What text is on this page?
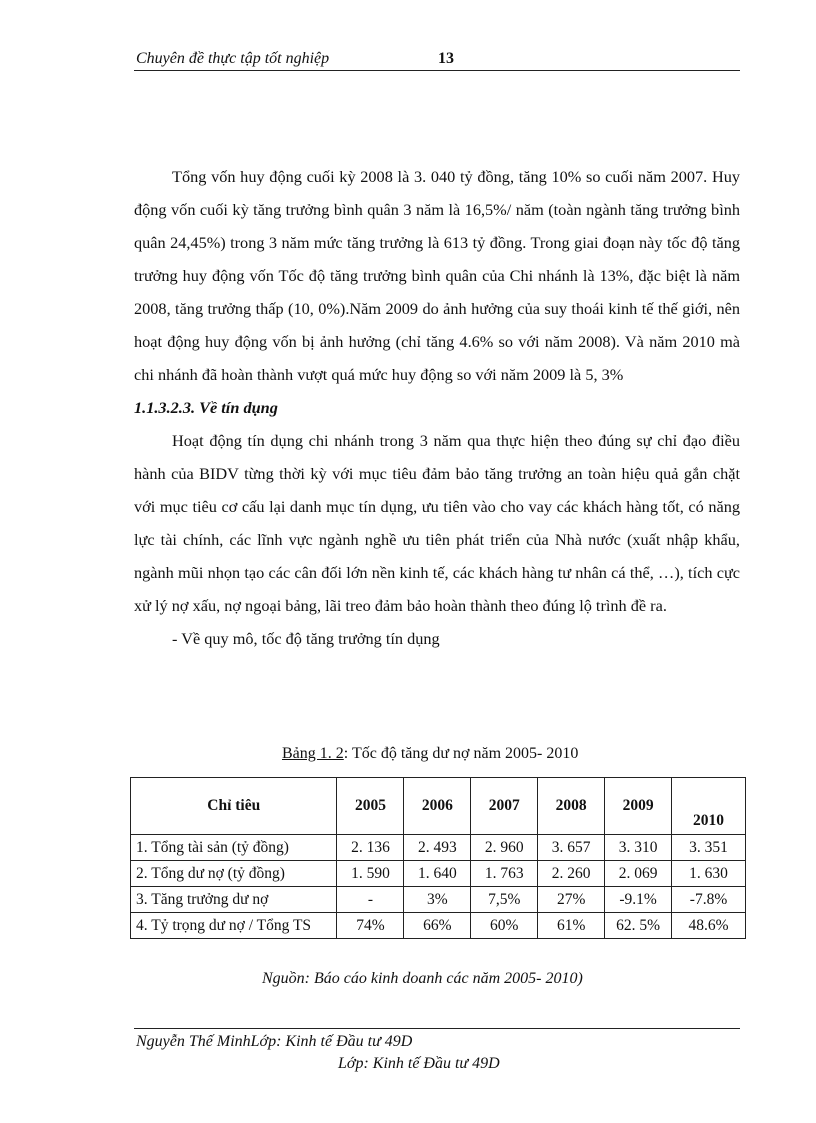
Chuyên đề thực tập tốt nghiệp	13

Tổng vốn huy động cuối kỳ 2008 là 3. 040 tỷ đồng, tăng 10% so cuối năm 2007. Huy động vốn cuối kỳ tăng trưởng bình quân 3 năm là 16,5%/ năm (toàn ngành tăng trưởng bình quân 24,45%) trong 3 năm mức tăng trưởng là 613 tỷ đồng. Trong giai đoạn này tốc độ tăng trưởng huy động vốn Tốc độ tăng trưởng bình quân của Chi nhánh là 13%, đặc biệt là năm 2008, tăng trưởng thấp (10, 0%).Năm 2009 do ảnh hưởng của suy thoái kinh tế thế giới, nên hoạt động huy động vốn bị ảnh hưởng (chỉ tăng 4.6% so với năm 2008). Và năm 2010 mà chi nhánh đã hoàn thành vượt quá mức huy động so với năm 2009 là 5, 3%

1.1.3.2.3. Về tín dụng

Hoạt động tín dụng chi nhánh trong 3 năm qua thực hiện theo đúng sự chỉ đạo điều hành của BIDV từng thời kỳ với mục tiêu đảm bảo tăng trưởng an toàn hiệu quả gắn chặt với mục tiêu cơ cấu lại danh mục tín dụng, ưu tiên vào cho vay các khách hàng tốt, có năng lực tài chính, các lĩnh vực ngành nghề ưu tiên phát triển của Nhà nước (xuất nhập khẩu, ngành mũi nhọn tạo các cân đối lớn nền kinh tế, các khách hàng tư nhân cá thể, …), tích cực xử lý nợ xấu, nợ ngoại bảng, lãi treo đảm bảo hoàn thành theo đúng lộ trình đề ra.

- Về quy mô, tốc độ tăng trưởng tín dụng

Bảng 1. 2: Tốc độ tăng dư nợ năm 2005- 2010
Chỉ tiêu	2005	2006	2007	2008	2009	2010
1. Tổng tài sản (tỷ đồng)	2. 136	2. 493	2. 960	3. 657	3. 310	3. 351
2. Tổng dư nợ (tỷ đồng)	1. 590	1. 640	1. 763	2. 260	2. 069	1. 630
3. Tăng trưởng dư nợ	-	3%	7,5%	27%	-9.1%	-7.8%
4. Tỷ trọng dư nợ / Tổng TS	74%	66%	60%	61%	62. 5%	48.6%
Nguồn: Báo cáo kinh doanh các năm 2005- 2010)
Nguyễn Thế MinhLớp: Kinh tế Đầu tư 49D
Lớp: Kinh tế Đầu tư 49D
